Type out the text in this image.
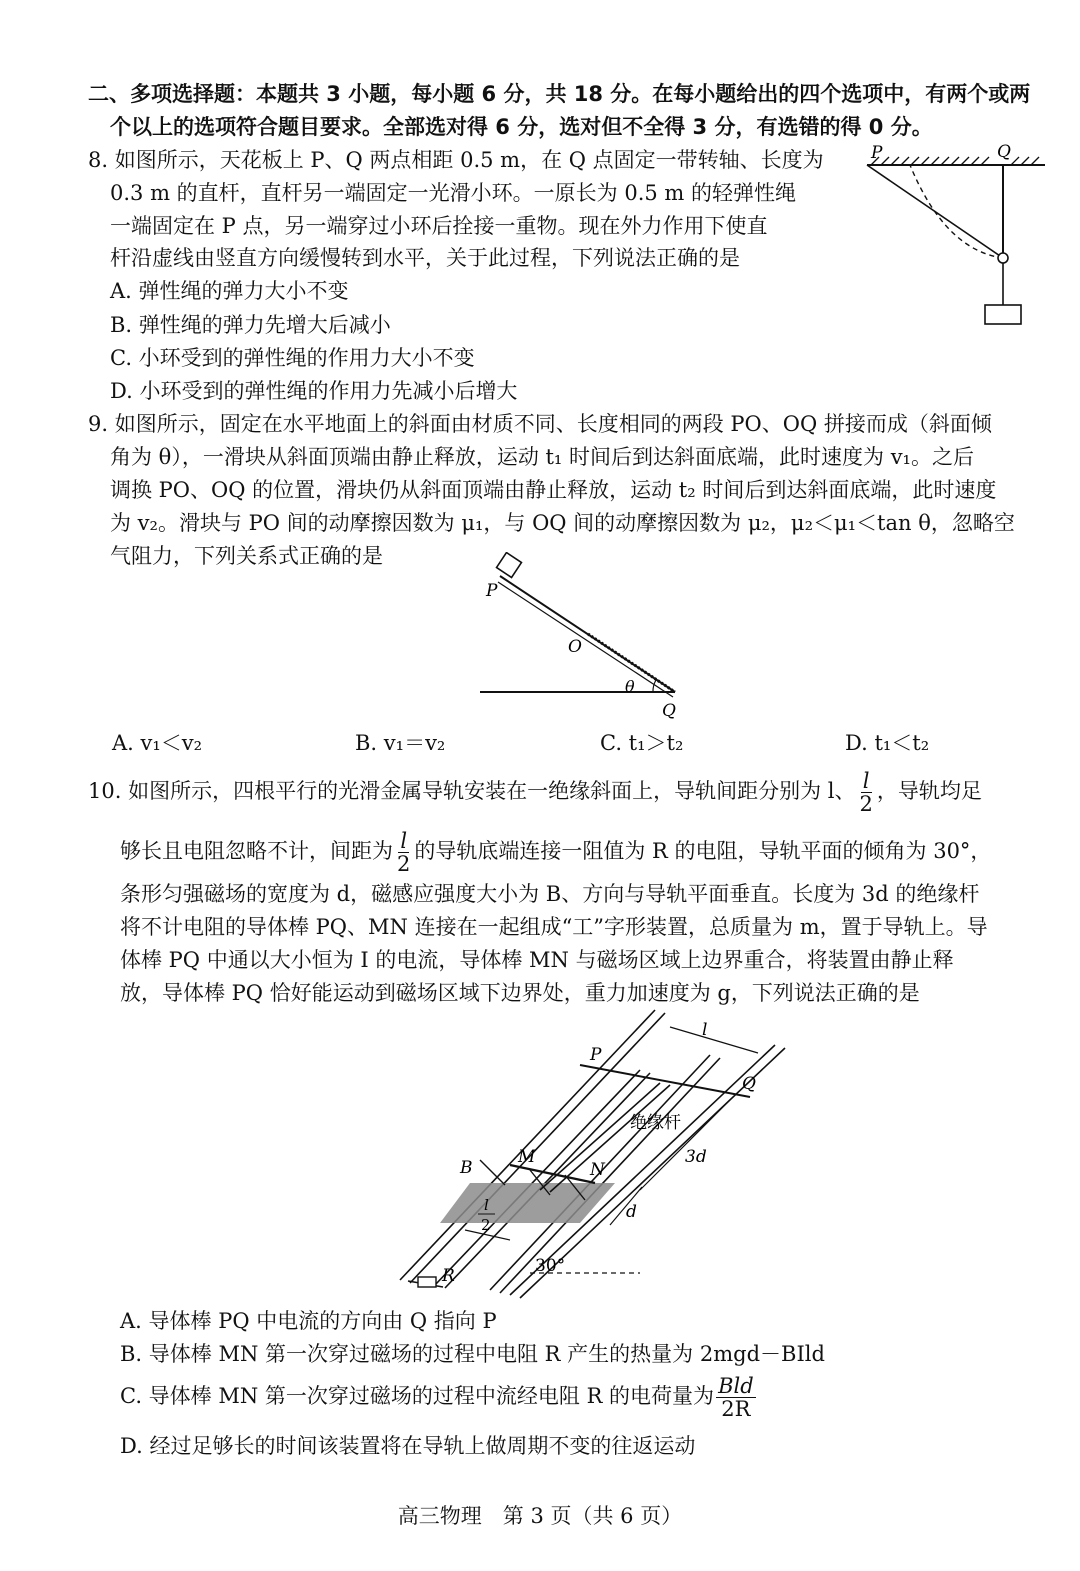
二、多项选择题：本题共 3 小题，每小题 6 分，共 18 分。在每小题给出的四个选项中，有两个或两
个以上的选项符合题目要求。全部选对得 6 分，选对但不全得 3 分，有选错的得 0 分。
8. 如图所示，天花板上 P、Q 两点相距 0.5 m，在 Q 点固定一带转轴、长度为
0.3 m 的直杆，直杆另一端固定一光滑小环。一原长为 0.5 m 的轻弹性绳
一端固定在 P 点，另一端穿过小环后拴接一重物。现在外力作用下使直
杆沿虚线由竖直方向缓慢转到水平，关于此过程，下列说法正确的是
A. 弹性绳的弹力大小不变
B. 弹性绳的弹力先增大后减小
C. 小环受到的弹性绳的作用力大小不变
D. 小环受到的弹性绳的作用力先减小后增大
P	Q
9. 如图所示，固定在水平地面上的斜面由材质不同、长度相同的两段 PO、OQ 拼接而成（斜面倾
角为 θ），一滑块从斜面顶端由静止释放，运动 t₁ 时间后到达斜面底端，此时速度为 v₁。之后
调换 PO、OQ 的位置，滑块仍从斜面顶端由静止释放，运动 t₂ 时间后到达斜面底端，此时速度
为 v₂。滑块与 PO 间的动摩擦因数为 μ₁，与 OQ 间的动摩擦因数为 μ₂，μ₂＜μ₁＜tan θ，忽略空
气阻力，下列关系式正确的是
P
O
θ
Q
A. v₁＜v₂	B. v₁＝v₂	C. t₁＞t₂	D. t₁＜t₂
10. 如图所示，四根平行的光滑金属导轨安装在一绝缘斜面上，导轨间距分别为 l、 $\frac{l}{2}$ ，导轨均足
够长且电阻忽略不计，间距为 $\frac{l}{2}$ 的导轨底端连接一阻值为 R 的电阻，导轨平面的倾角为 30°，
条形匀强磁场的宽度为 d，磁感应强度大小为 B、方向与导轨平面垂直。长度为 3d 的绝缘杆
将不计电阻的导体棒 PQ、MN 连接在一起组成“工”字形装置，总质量为 m，置于导轨上。导
体棒 PQ 中通以大小恒为 I 的电流，导体棒 MN 与磁场区域上边界重合，将装置由静止释
放，导体棒 PQ 恰好能运动到磁场区域下边界处，重力加速度为 g，下列说法正确的是
P
Q
l
绝缘杆
M
N
B
3d
d
l
2
R	30°
A. 导体棒 PQ 中电流的方向由 Q 指向 P
B. 导体棒 MN 第一次穿过磁场的过程中电阻 R 产生的热量为 2mgd－BIld
C. 导体棒 MN 第一次穿过磁场的过程中流经电阻 R 的电荷量为 $\frac{\text{Bld}}{2R}$
D. 经过足够长的时间该装置将在导轨上做周期不变的往返运动
高三物理　第 3 页（共 6 页）
